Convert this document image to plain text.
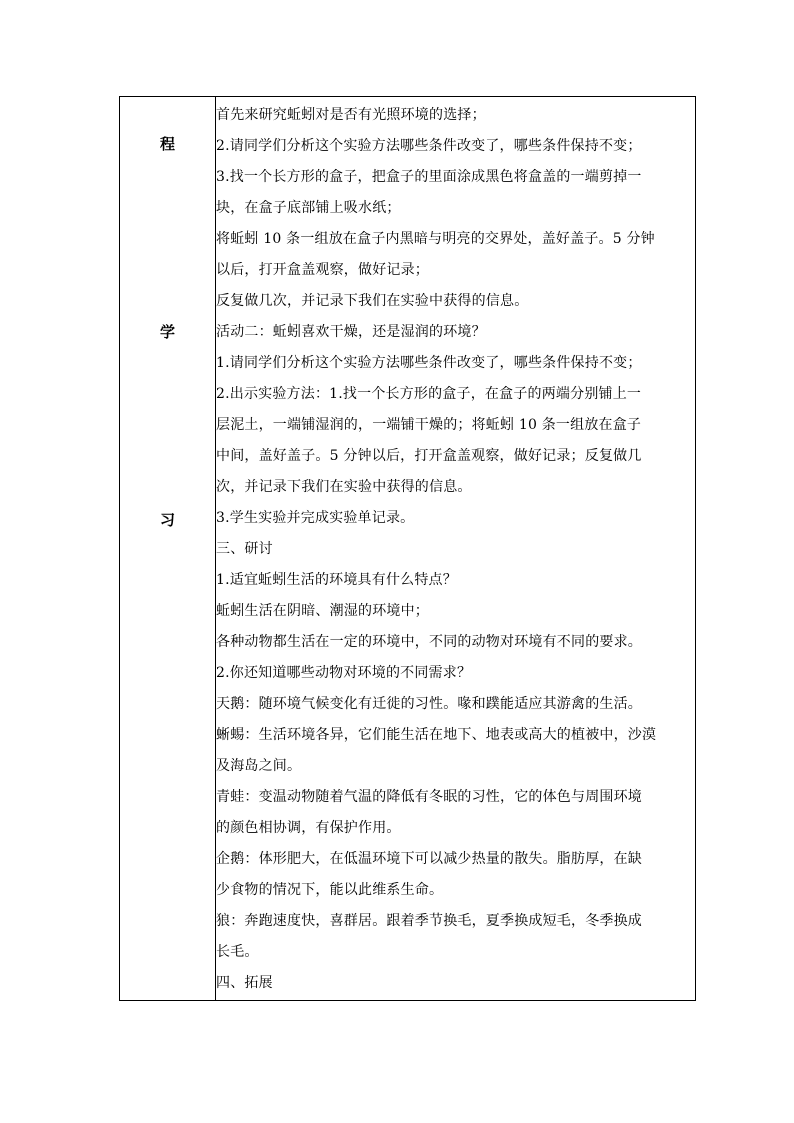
程
学
习
首先来研究蚯蚓对是否有光照环境的选择；
2.请同学们分析这个实验方法哪些条件改变了，哪些条件保持不变；
3.找一个长方形的盒子，把盒子的里面涂成黑色将盒盖的一端剪掉一
块，在盒子底部铺上吸水纸；
将蚯蚓 10 条一组放在盒子内黑暗与明亮的交界处，盖好盖子。5 分钟
以后，打开盒盖观察，做好记录；
反复做几次，并记录下我们在实验中获得的信息。
活动二：蚯蚓喜欢干燥，还是湿润的环境？
1.请同学们分析这个实验方法哪些条件改变了，哪些条件保持不变；
2.出示实验方法：1.找一个长方形的盒子，在盒子的两端分别铺上一
层泥土，一端铺湿润的，一端铺干燥的；将蚯蚓 10 条一组放在盒子
中间，盖好盖子。5 分钟以后，打开盒盖观察，做好记录；反复做几
次，并记录下我们在实验中获得的信息。
3.学生实验并完成实验单记录。
三、研讨
1.适宜蚯蚓生活的环境具有什么特点？
蚯蚓生活在阴暗、潮湿的环境中；
各种动物都生活在一定的环境中，不同的动物对环境有不同的要求。
2.你还知道哪些动物对环境的不同需求？
天鹅：随环境气候变化有迁徙的习性。喙和蹼能适应其游禽的生活。
蜥蜴：生活环境各异，它们能生活在地下、地表或高大的植被中，沙漠
及海岛之间。
青蛙：变温动物随着气温的降低有冬眠的习性，它的体色与周围环境
的颜色相协调，有保护作用。
企鹅：体形肥大，在低温环境下可以减少热量的散失。脂肪厚，在缺
少食物的情况下，能以此维系生命。
狼：奔跑速度快，喜群居。跟着季节换毛，夏季换成短毛，冬季换成
长毛。
四、拓展
